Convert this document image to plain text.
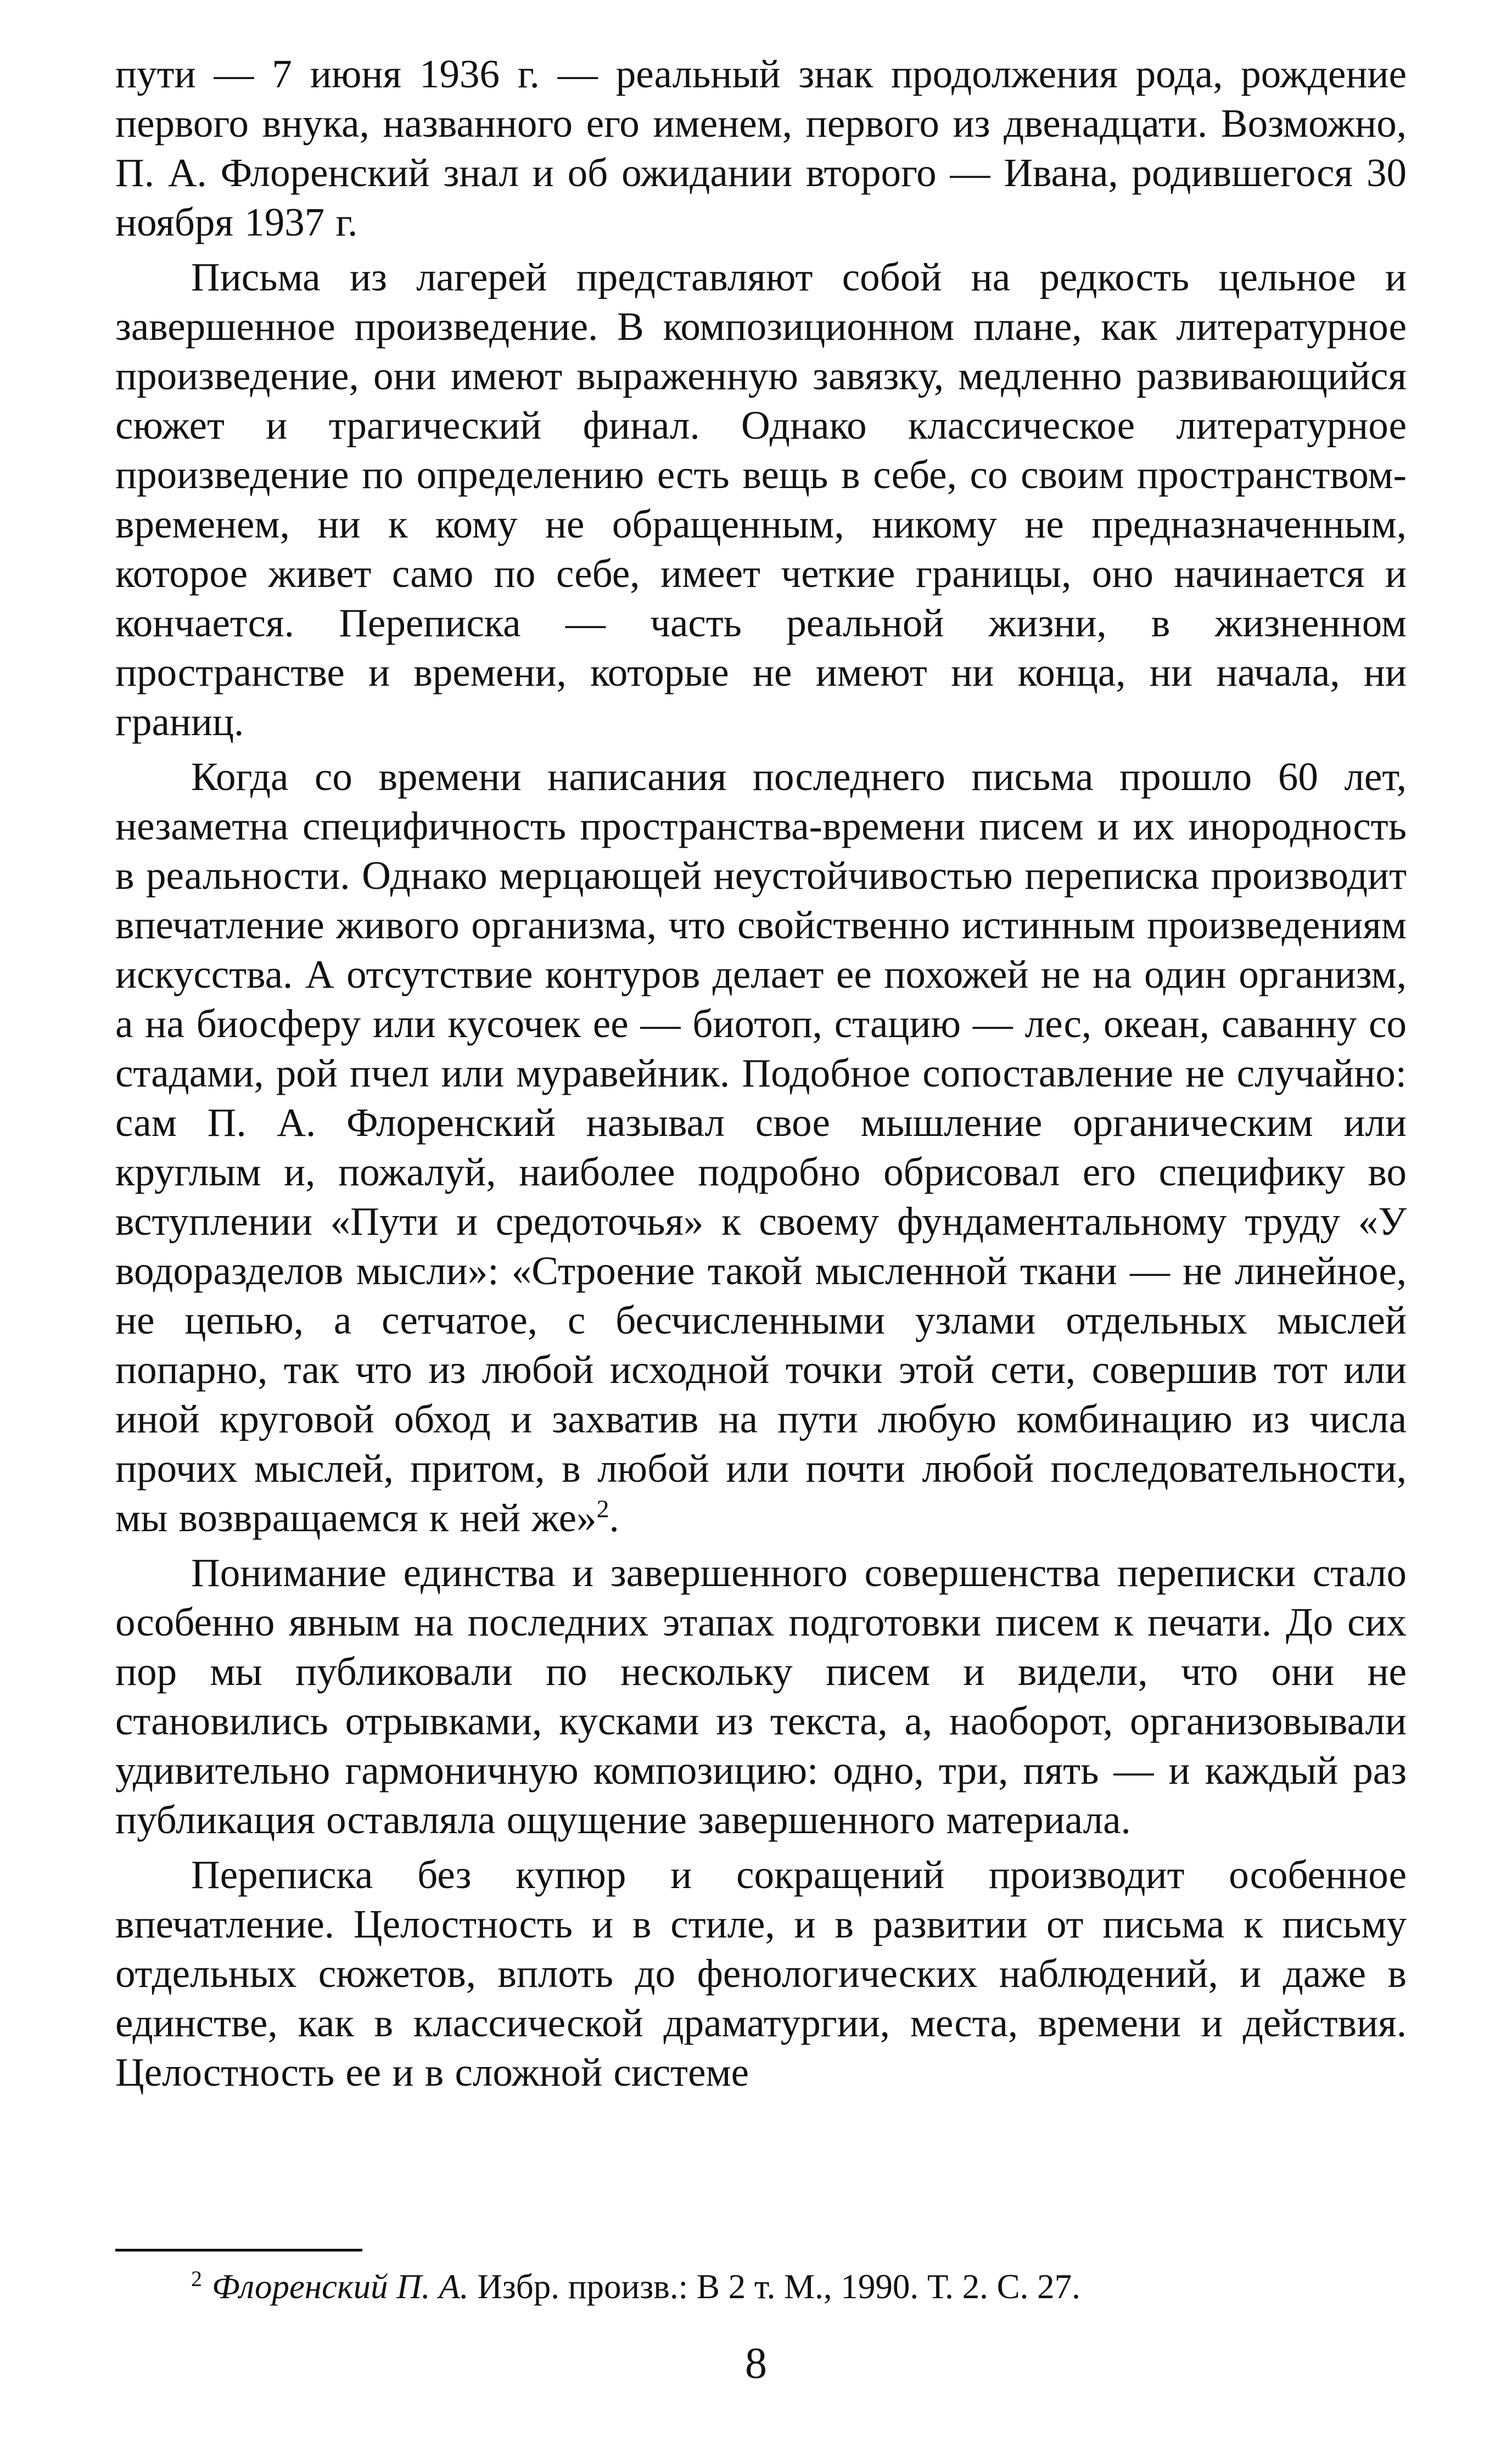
пути — 7 июня 1936 г. — реальный знак продолжения рода, рождение первого внука, названного его именем, первого из двенадцати. Возможно, П. А. Флоренский знал и об ожидании второго — Ивана, родившегося 30 ноября 1937 г.

Письма из лагерей представляют собой на редкость цельное и завершенное произведение. В композиционном плане, как литературное произведение, они имеют выраженную завязку, медленно развивающийся сюжет и трагический финал. Однако классическое литературное произведение по определению есть вещь в себе, со своим пространством-временем, ни к кому не обращенным, никому не предназначенным, которое живет само по себе, имеет четкие границы, оно начинается и кончается. Переписка — часть реальной жизни, в жизненном пространстве и времени, которые не имеют ни конца, ни начала, ни границ.

Когда со времени написания последнего письма прошло 60 лет, незаметна специфичность пространства-времени писем и их инородность в реальности. Однако мерцающей неустойчивостью переписка производит впечатление живого организма, что свойственно истинным произведениям искусства. А отсутствие контуров делает ее похожей не на один организм, а на биосферу или кусочек ее — биотоп, стацию — лес, океан, саванну со стадами, рой пчел или муравейник. Подобное сопоставление не случайно: сам П. А. Флоренский называл свое мышление органическим или круглым и, пожалуй, наиболее подробно обрисовал его специфику во вступлении «Пути и средоточья» к своему фундаментальному труду «У водоразделов мысли»: «Строение такой мысленной ткани — не линейное, не цепью, а сетчатое, с бесчисленными узлами отдельных мыслей попарно, так что из любой исходной точки этой сети, совершив тот или иной круговой обход и захватив на пути любую комбинацию из числа прочих мыслей, притом, в любой или почти любой последовательности, мы возвращаемся к ней же»$^2$.

Понимание единства и завершенного совершенства переписки стало особенно явным на последних этапах подготовки писем к печати. До сих пор мы публиковали по нескольку писем и видели, что они не становились отрывками, кусками из текста, а, наоборот, организовывали удивительно гармоничную композицию: одно, три, пять — и каждый раз публикация оставляла ощущение завершенного материала.

Переписка без купюр и сокращений производит особенное впечатление. Целостность и в стиле, и в развитии от письма к письму отдельных сюжетов, вплоть до фенологических наблюдений, и даже в единстве, как в классической драматургии, места, времени и действия. Целостность ее и в сложной системе

$^2$ Флоренский П. А. Избр. произв.: В 2 т. М., 1990. Т. 2. С. 27.
8
